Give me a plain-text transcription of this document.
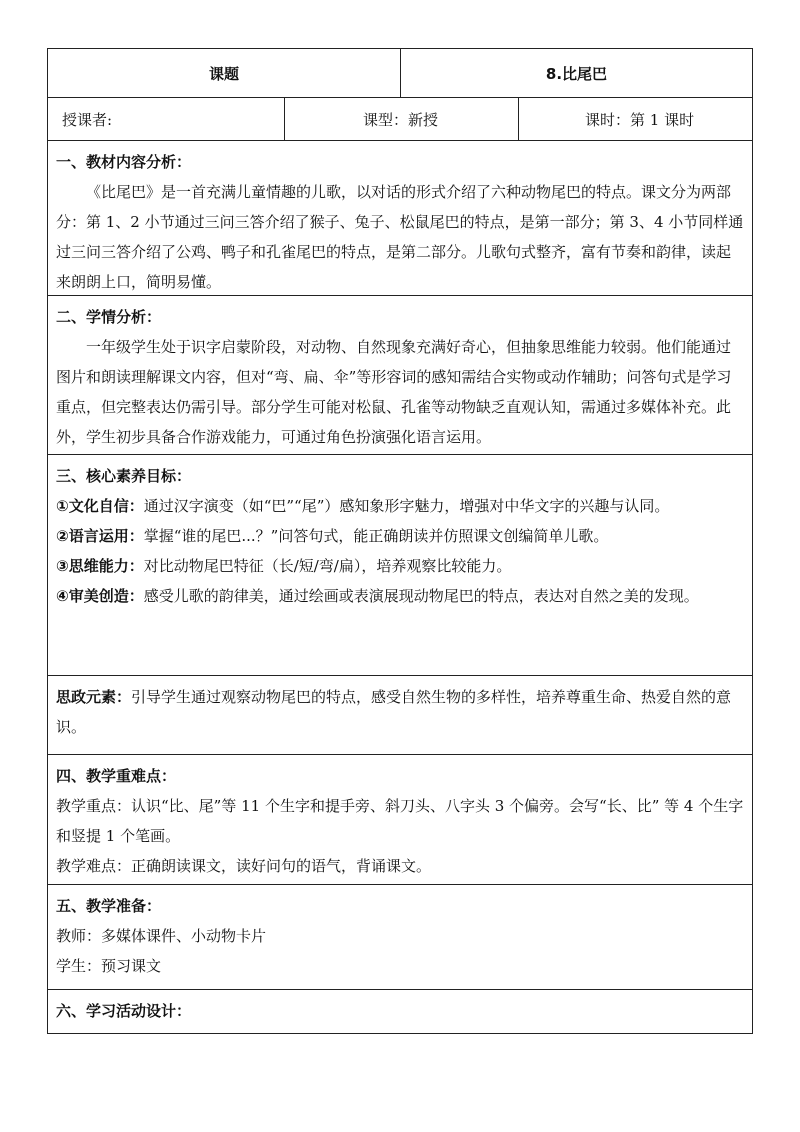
课题	8.比尾巴
授课者:	课型：新授	课时：第 1 课时

一、教材内容分析：

《比尾巴》是一首充满儿童情趣的儿歌，以对话的形式介绍了六种动物尾巴的特点。课文分为两部分：第 1、2 小节通过三问三答介绍了猴子、兔子、松鼠尾巴的特点，是第一部分；第 3、4 小节同样通过三问三答介绍了公鸡、鸭子和孔雀尾巴的特点，是第二部分。儿歌句式整齐，富有节奏和韵律，读起来朗朗上口，简明易懂。

二、学情分析：

一年级学生处于识字启蒙阶段，对动物、自然现象充满好奇心，但抽象思维能力较弱。他们能通过图片和朗读理解课文内容，但对“弯、扁、伞”等形容词的感知需结合实物或动作辅助；问答句式是学习重点，但完整表达仍需引导。部分学生可能对松鼠、孔雀等动物缺乏直观认知，需通过多媒体补充。此外，学生初步具备合作游戏能力，可通过角色扮演强化语言运用。

三、核心素养目标：

①文化自信：通过汉字演变（如“巴”“尾”）感知象形字魅力，增强对中华文字的兴趣与认同。

②语言运用：掌握“谁的尾巴...？”问答句式，能正确朗读并仿照课文创编简单儿歌。

③思维能力：对比动物尾巴特征（长/短/弯/扁），培养观察比较能力。

④审美创造：感受儿歌的韵律美，通过绘画或表演展现动物尾巴的特点，表达对自然之美的发现。

思政元素：引导学生通过观察动物尾巴的特点，感受自然生物的多样性，培养尊重生命、热爱自然的意识。

四、教学重难点：

教学重点：认识“比、尾”等 11 个生字和提手旁、斜刀头、八字头 3 个偏旁。会写“长、比” 等 4 个生字和竖提 1 个笔画。

教学难点：正确朗读课文，读好问句的语气，背诵课文。

五、教学准备：

教师：多媒体课件、小动物卡片

学生：预习课文

六、学习活动设计：
